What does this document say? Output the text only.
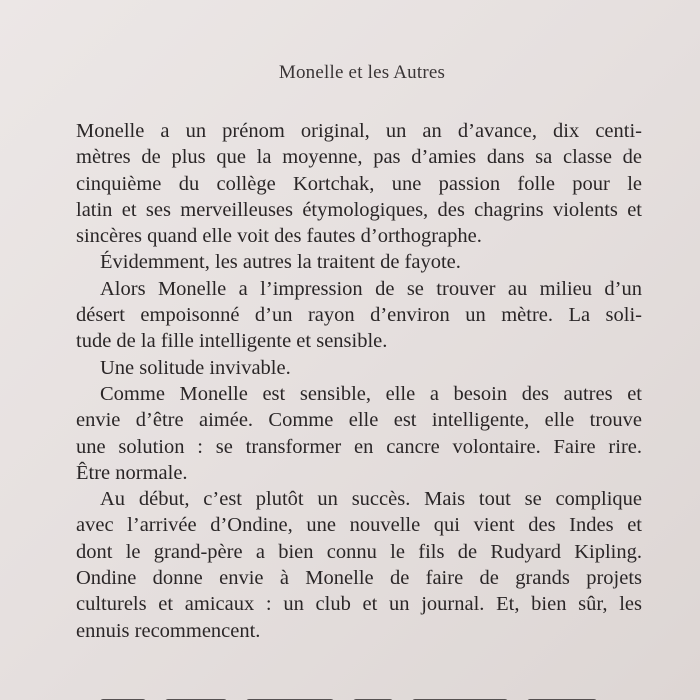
Monelle et les Autres
Monelle a un prénom original, un an d’avance, dix centi-
mètres de plus que la moyenne, pas d’amies dans sa classe de
cinquième du collège Kortchak, une passion folle pour le
latin et ses merveilleuses étymologiques, des chagrins violents et
sincères quand elle voit des fautes d’orthographe.
Évidemment, les autres la traitent de fayote.
Alors Monelle a l’impression de se trouver au milieu d’un
désert empoisonné d’un rayon d’environ un mètre. La soli-
tude de la fille intelligente et sensible.
Une solitude invivable.
Comme Monelle est sensible, elle a besoin des autres et
envie d’être aimée. Comme elle est intelligente, elle trouve
une solution : se transformer en cancre volontaire. Faire rire.
Être normale.
Au début, c’est plutôt un succès. Mais tout se complique
avec l’arrivée d’Ondine, une nouvelle qui vient des Indes et
dont le grand-père a bien connu le fils de Rudyard Kipling.
Ondine donne envie à Monelle de faire de grands projets
culturels et amicaux : un club et un journal. Et, bien sûr, les
ennuis recommencent.
